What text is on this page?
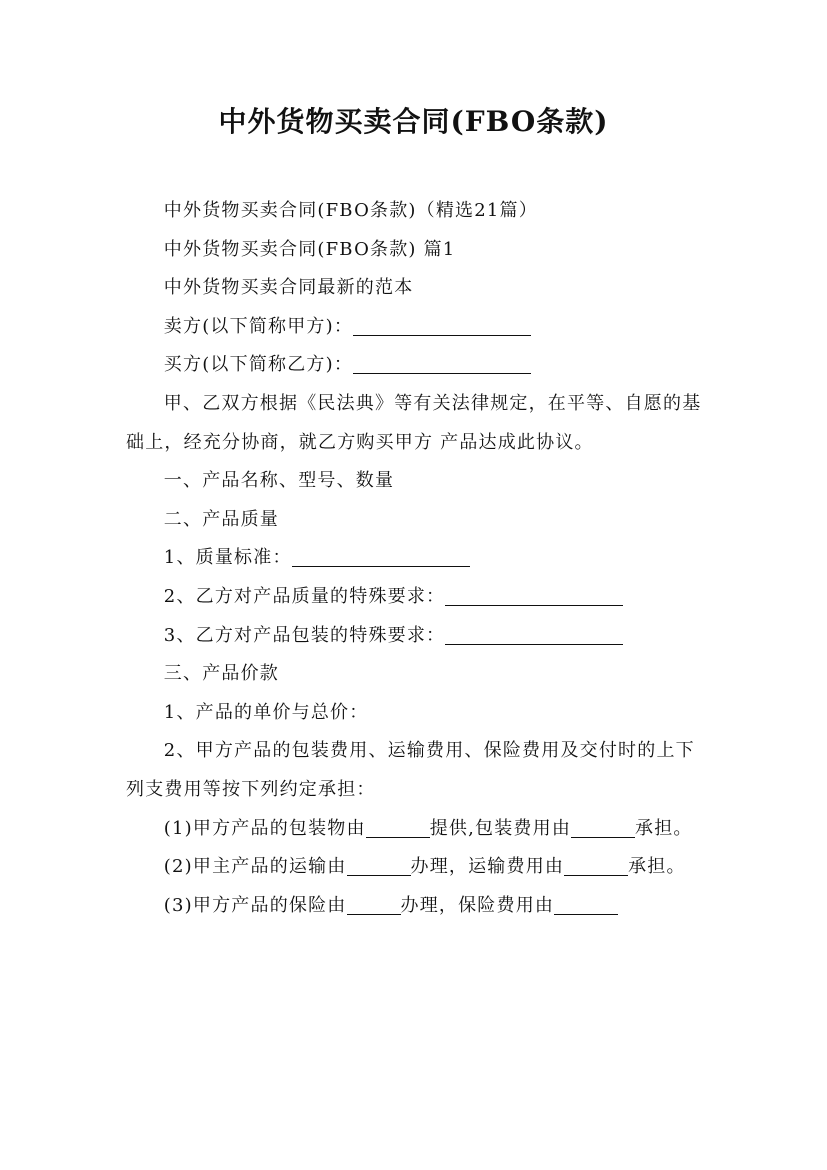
中外货物买卖合同(FBO条款)

中外货物买卖合同(FBO条款)（精选21篇）

中外货物买卖合同(FBO条款) 篇1

中外货物买卖合同最新的范本

卖方(以下简称甲方)：

买方(以下简称乙方)：

甲、乙双方根据《民法典》等有关法律规定，在平等、自愿的基础上，经充分协商，就乙方购买甲方 产品达成此协议。

一、产品名称、型号、数量

二、产品质量

1、质量标准：

2、乙方对产品质量的特殊要求：

3、乙方对产品包装的特殊要求：

三、产品价款

1、产品的单价与总价：

2、甲方产品的包装费用、运输费用、保险费用及交付时的上下列支费用等按下列约定承担：

(1)甲方产品的包装物由	提供,包装费用由	承担。

(2)甲主产品的运输由	办理，运输费用由	承担。

(3)甲方产品的保险由	办理，保险费用由
